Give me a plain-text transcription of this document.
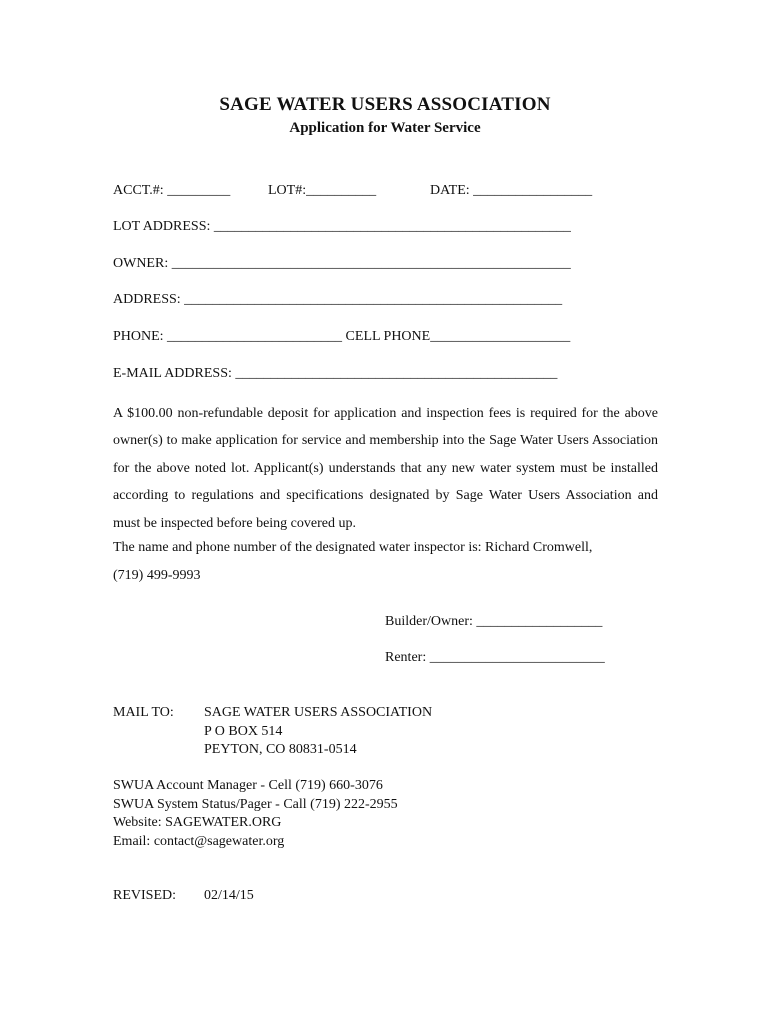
SAGE WATER USERS ASSOCIATION
Application for Water Service
ACCT.#: _________	LOT#:__________	DATE: _________________
LOT ADDRESS: ___________________________________________________
OWNER: _________________________________________________________
ADDRESS: ______________________________________________________
PHONE: _________________________ CELL PHONE____________________
E-MAIL ADDRESS: ______________________________________________
A $100.00 non-refundable deposit for application and inspection fees is required for the above owner(s) to make application for service and membership into the Sage Water Users Association for the above noted lot. Applicant(s) understands that any new water system must be installed according to regulations and specifications designated by Sage Water Users Association and must be inspected before being covered up.
The name and phone number of the designated water inspector is: Richard Cromwell,
(719) 499-9993
Builder/Owner: __________________
Renter: _________________________
MAIL TO: SAGE WATER USERS ASSOCIATION
P O BOX 514
PEYTON, CO 80831-0514
SWUA Account Manager - Cell (719) 660-3076
SWUA System Status/Pager - Call (719) 222-2955
Website: SAGEWATER.ORG
Email: contact@sagewater.org
REVISED: 02/14/15
